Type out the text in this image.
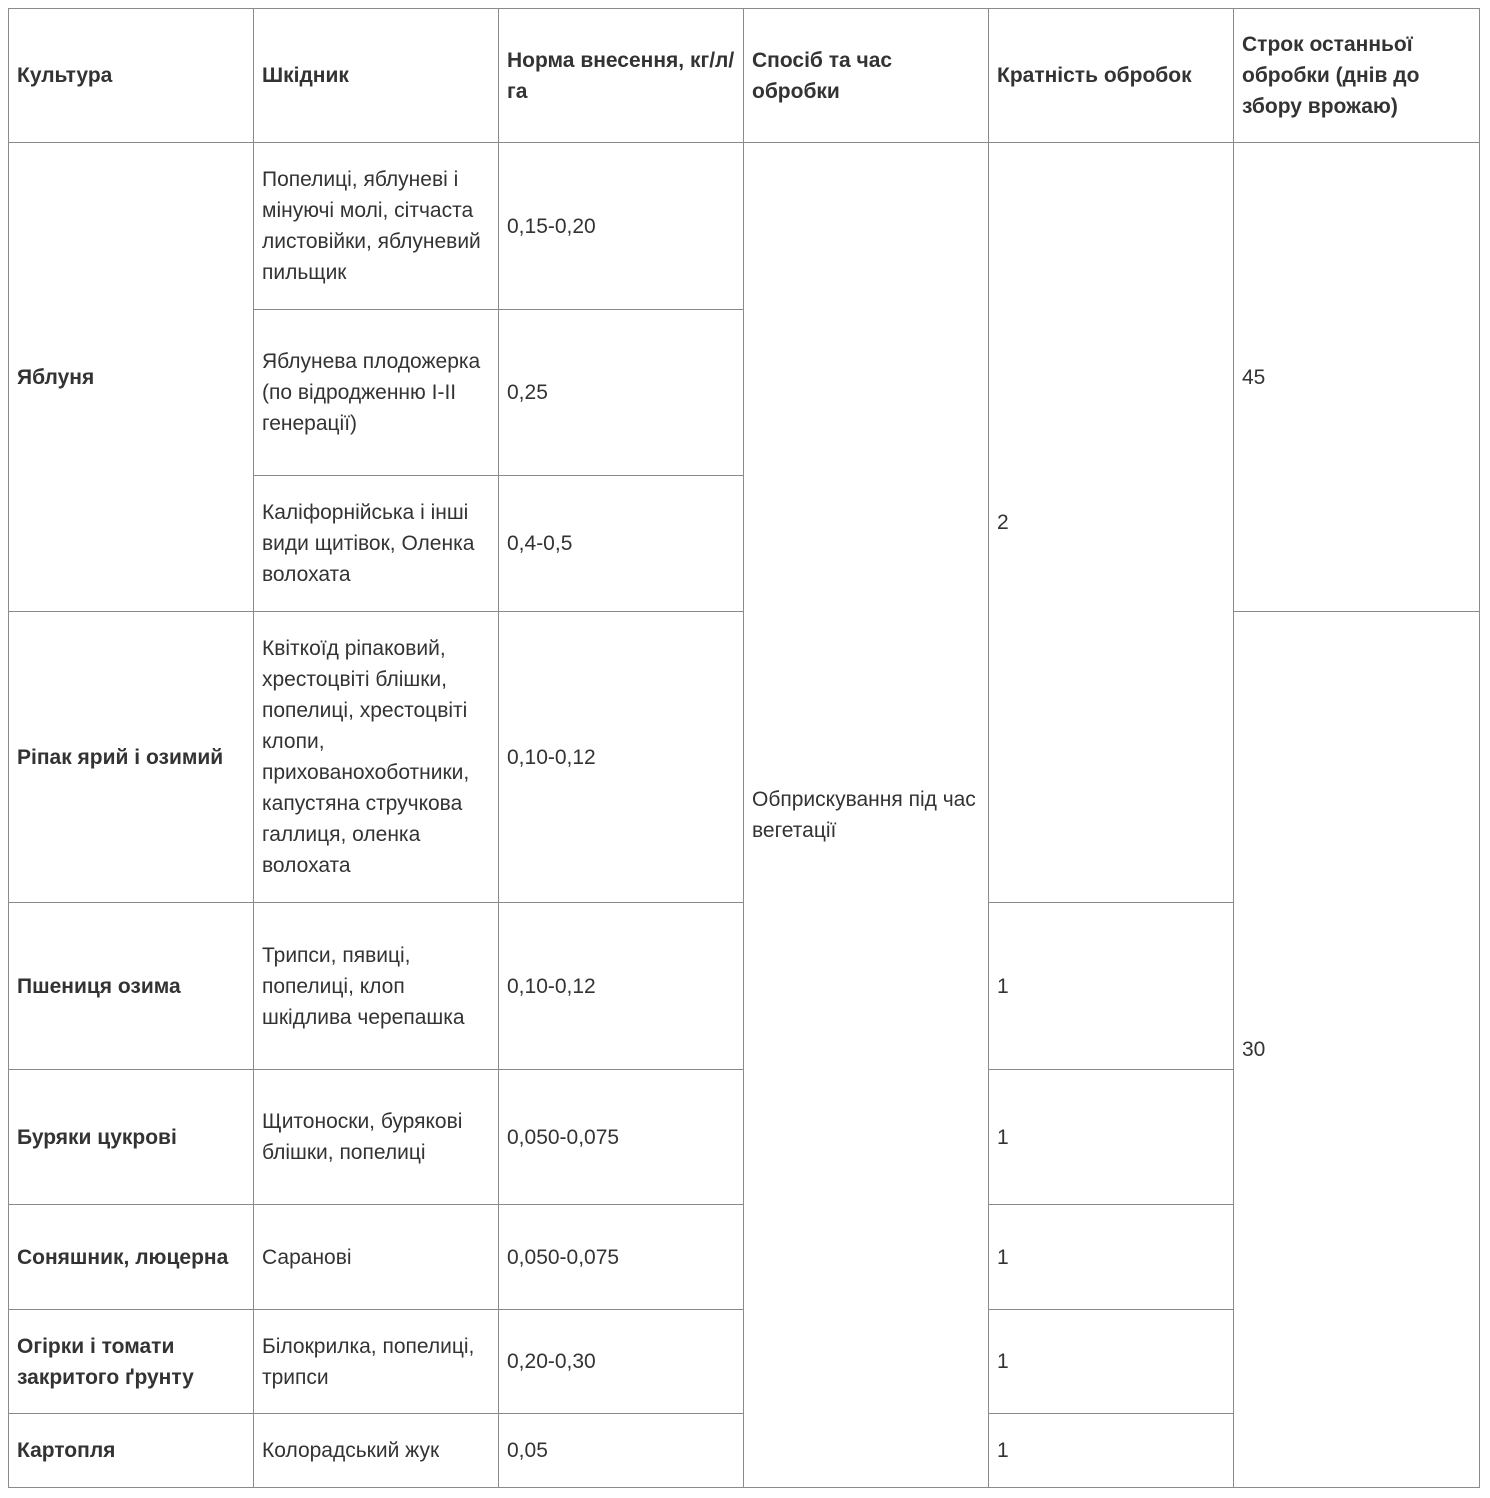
Культура	Шкідник	Норма внесення, кг/л/га	Спосіб та час обробки	Кратність обробок	Строк останньої обробки (днів до збору врожаю)
Яблуня	Попелиці, яблуневі і мінуючі молі, сітчаста листовійки, яблуневий пильщик	0,15-0,20	Обприскування під час вегетації	2	45
	Яблунева плодожерка (по відродженню I-II генерації)	0,25			
	Каліфорнійська і інші види щитівок, Оленка волохата	0,4-0,5			
Ріпак ярий і озимий	Квіткоїд ріпаковий, хрестоцвіті блішки, попелиці, хрестоцвіті клопи, прихованохоботники, капустяна стручкова галлиця, оленка волохата	0,10-0,12			30
Пшениця озима	Трипси, пявиці, попелиці, клоп шкідлива черепашка	0,10-0,12		1	
Буряки цукрові	Щитоноски, бурякові блішки, попелиці	0,050-0,075		1	
Соняшник, люцерна	Саранові	0,050-0,075		1	
Огірки і томати закритого ґрунту	Білокрилка, попелиці, трипси	0,20-0,30		1	
Картопля	Колорадський жук	0,05		1	
